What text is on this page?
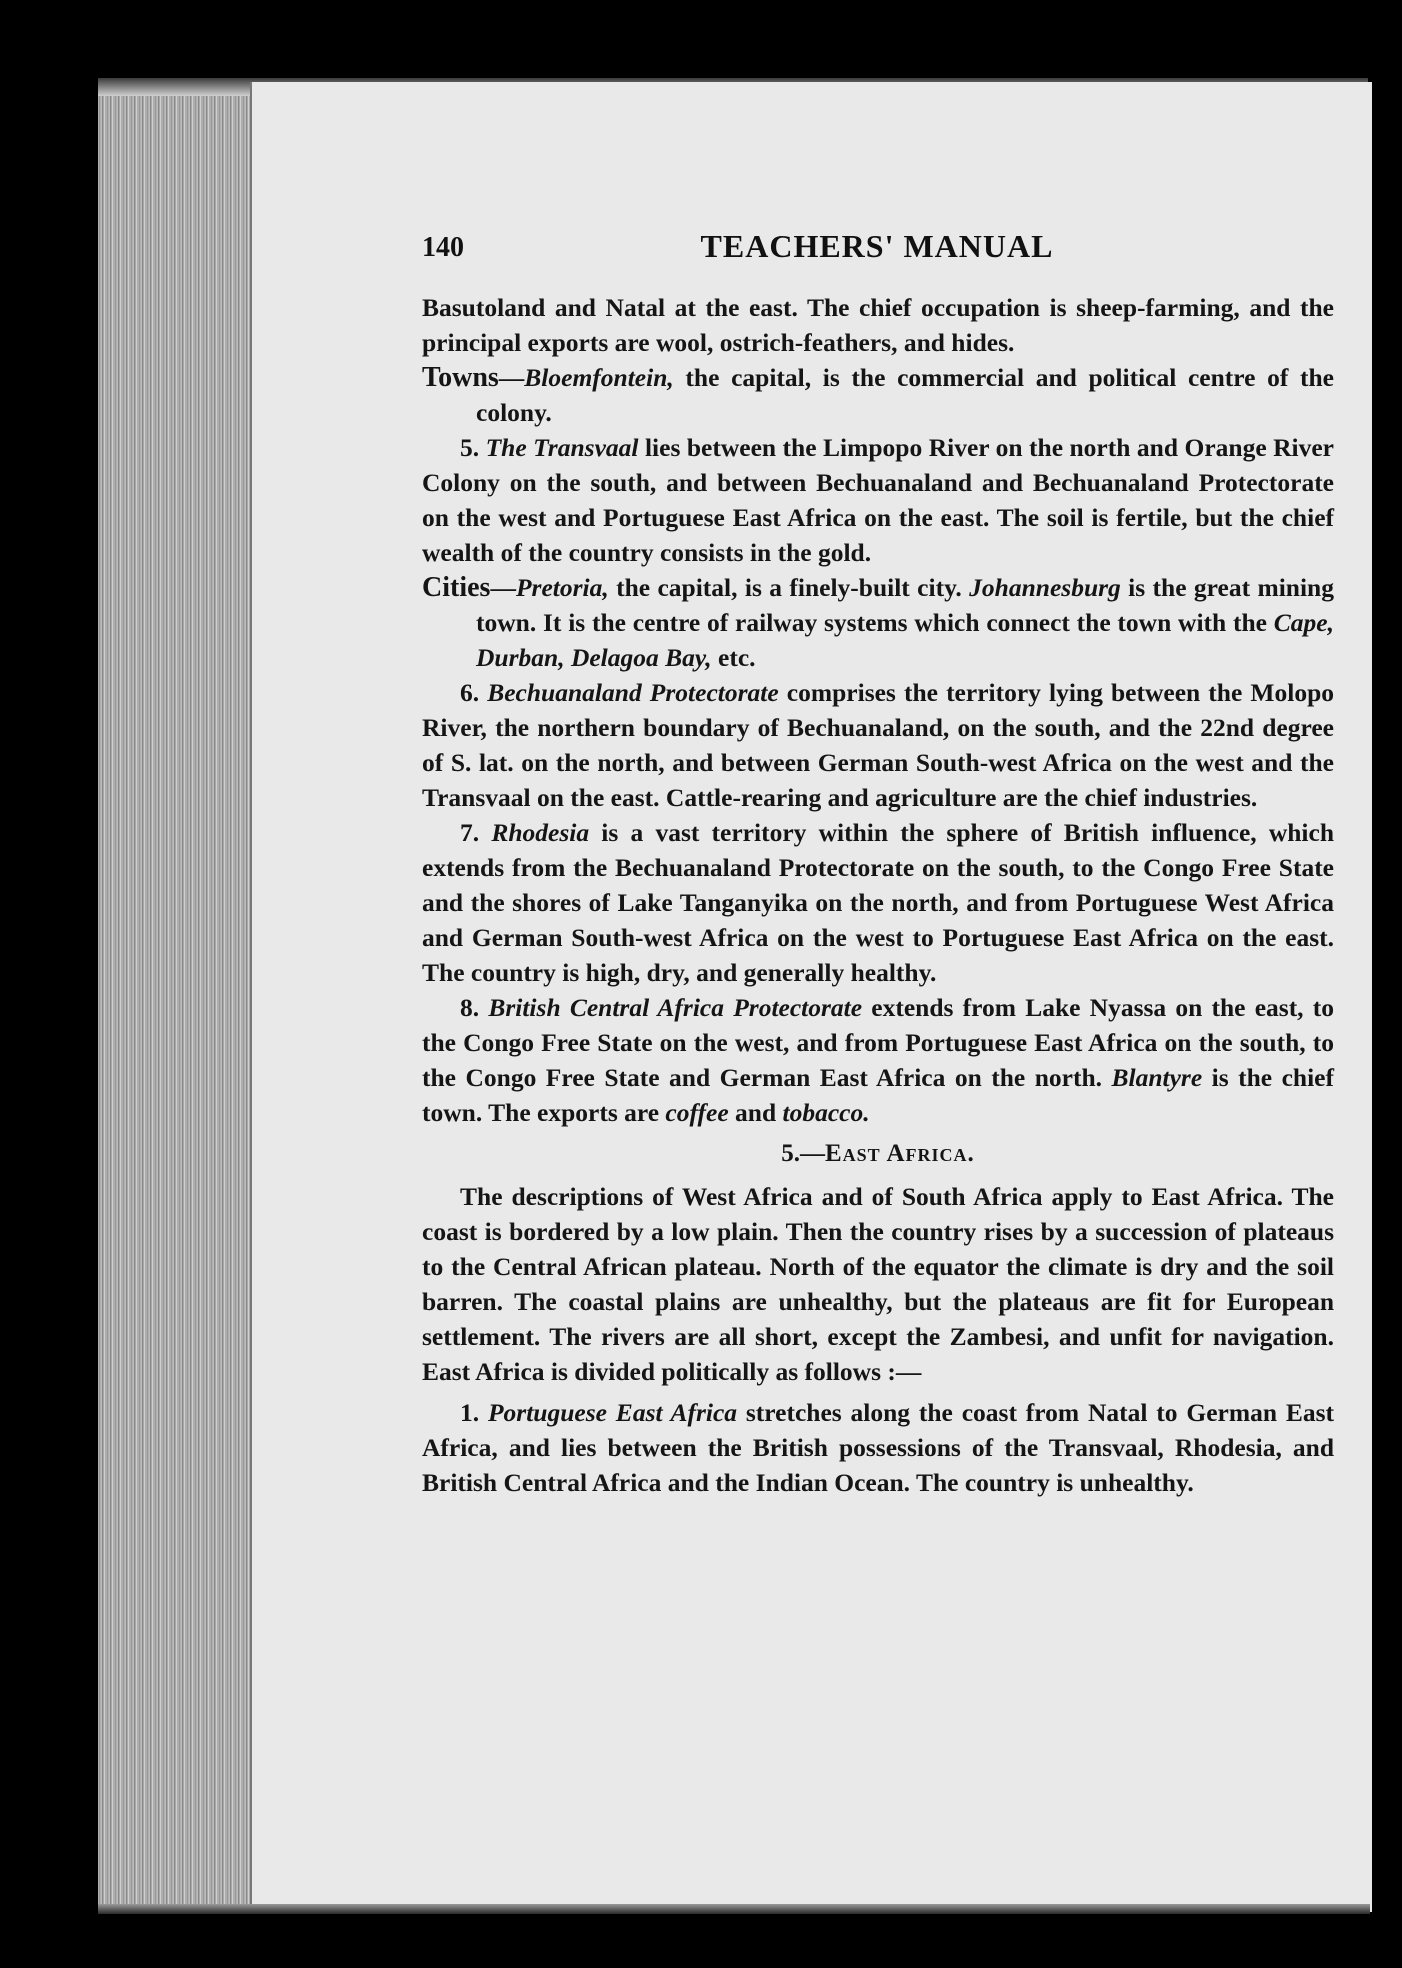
140	TEACHERS' MANUAL

Basutoland and Natal at the east. The chief occupation is sheep-farming, and the principal exports are wool, ostrich-feathers, and hides.

Towns—Bloemfontein, the capital, is the commercial and political centre of the colony.

5. The Transvaal lies between the Limpopo River on the north and Orange River Colony on the south, and between Bechuanaland and Bechuanaland Protectorate on the west and Portuguese East Africa on the east. The soil is fertile, but the chief wealth of the country consists in the gold.

Cities—Pretoria, the capital, is a finely-built city. Johannesburg is the great mining town. It is the centre of railway systems which connect the town with the Cape, Durban, Delagoa Bay, etc.

6. Bechuanaland Protectorate comprises the territory lying between the Molopo River, the northern boundary of Bechuanaland, on the south, and the 22nd degree of S. lat. on the north, and between German South-west Africa on the west and the Transvaal on the east. Cattle-rearing and agriculture are the chief industries.

7. Rhodesia is a vast territory within the sphere of British influence, which extends from the Bechuanaland Protectorate on the south, to the Congo Free State and the shores of Lake Tanganyika on the north, and from Portuguese West Africa and German South-west Africa on the west to Portuguese East Africa on the east. The country is high, dry, and generally healthy.

8. British Central Africa Protectorate extends from Lake Nyassa on the east, to the Congo Free State on the west, and from Portuguese East Africa on the south, to the Congo Free State and German East Africa on the north. Blantyre is the chief town. The exports are coffee and tobacco.

5.—East Africa.

The descriptions of West Africa and of South Africa apply to East Africa. The coast is bordered by a low plain. Then the country rises by a succession of plateaus to the Central African plateau. North of the equator the climate is dry and the soil barren. The coastal plains are unhealthy, but the plateaus are fit for European settlement. The rivers are all short, except the Zambesi, and unfit for navigation. East Africa is divided politically as follows :—

1. Portuguese East Africa stretches along the coast from Natal to German East Africa, and lies between the British possessions of the Transvaal, Rhodesia, and British Central Africa and the Indian Ocean. The country is unhealthy.
